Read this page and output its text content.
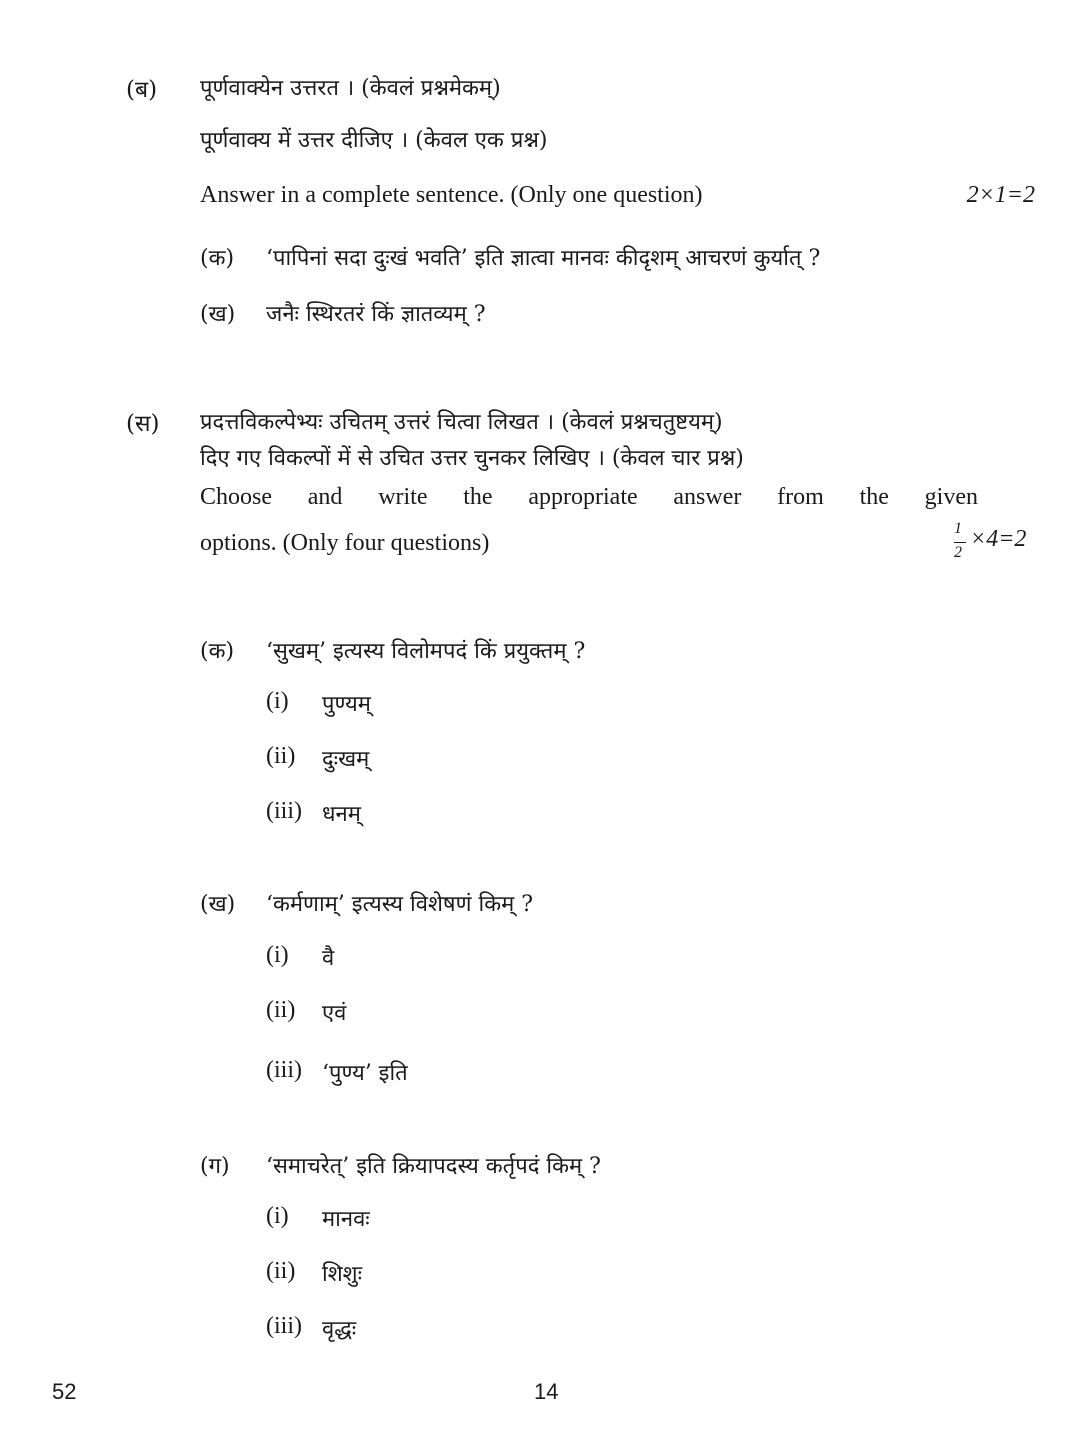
(ब) पूर्णवाक्येन उत्तरत । (केवलं प्रश्नमेकम्)
पूर्णवाक्य में उत्तर दीजिए । (केवल एक प्रश्न)
Answer in a complete sentence. (Only one question)	2×1=2
(क) ‘पापिनां सदा दुःखं भवति’ इति ज्ञात्वा मानवः कीदृशम् आचरणं कुर्यात् ?
(ख) जनैः स्थिरतरं किं ज्ञातव्यम् ?
(स) प्रदत्तविकल्पेभ्यः उचितम् उत्तरं चित्वा लिखत । (केवलं प्रश्नचतुष्टयम्)
दिए गए विकल्पों में से उचित उत्तर चुनकर लिखिए । (केवल चार प्रश्न)
Choose and write the appropriate answer from the given
options. (Only four questions)
1
2
×4=2
(क) ‘सुखम्’ इत्यस्य विलोमपदं किं प्रयुक्तम् ?
(i) पुण्यम्
(ii) दुःखम्
(iii) धनम्
(ख) ‘कर्मणाम्’ इत्यस्य विशेषणं किम् ?
(i) वै
(ii) एवं
(iii) ‘पुण्य’ इति
(ग) ‘समाचरेत्’ इति क्रियापदस्य कर्तृपदं किम् ?
(i) मानवः
(ii) शिशुः
(iii) वृद्धः
52	14
